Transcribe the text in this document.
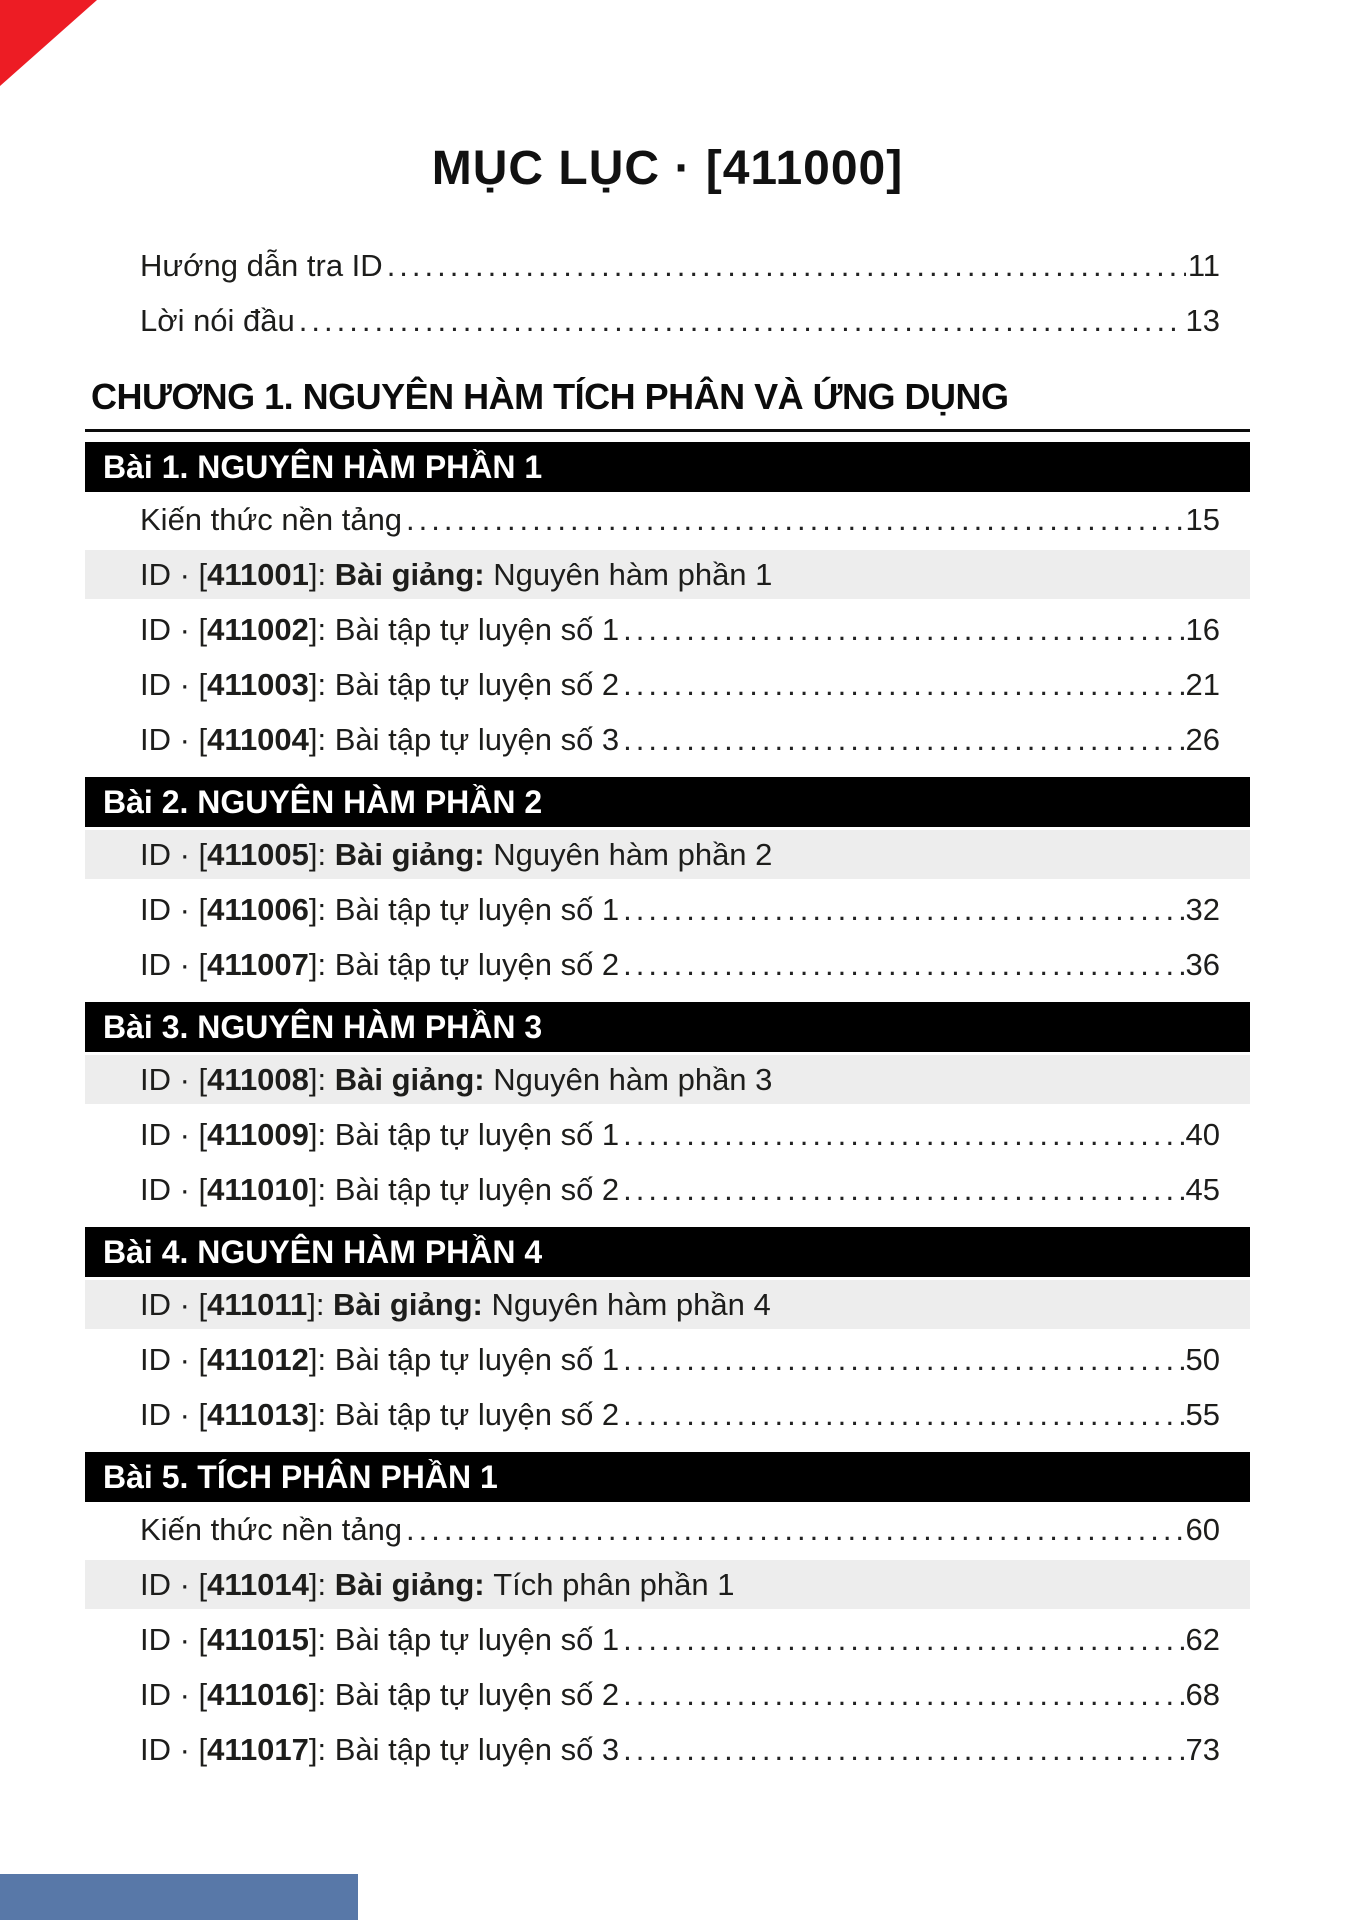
MỤC LỤC · [411000]
Hướng dẫn tra ID .....	11
Lời nói đầu .....	13
CHƯƠNG 1. NGUYÊN HÀM TÍCH PHÂN VÀ ỨNG DỤNG
Bài 1. NGUYÊN HÀM PHẦN 1
Kiến thức nền tảng .....	15
ID · [411001]: Bài giảng: Nguyên hàm phần 1
ID · [411002]: Bài tập tự luyện số 1 .....	16
ID · [411003]: Bài tập tự luyện số 2 .....	21
ID · [411004]: Bài tập tự luyện số 3 .....	26
Bài 2. NGUYÊN HÀM PHẦN 2
ID · [411005]: Bài giảng: Nguyên hàm phần 2
ID · [411006]: Bài tập tự luyện số 1 .....	32
ID · [411007]: Bài tập tự luyện số 2 .....	36
Bài 3. NGUYÊN HÀM PHẦN 3
ID · [411008]: Bài giảng: Nguyên hàm phần 3
ID · [411009]: Bài tập tự luyện số 1 .....	40
ID · [411010]: Bài tập tự luyện số 2 .....	45
Bài 4. NGUYÊN HÀM PHẦN 4
ID · [411011]: Bài giảng: Nguyên hàm phần 4
ID · [411012]: Bài tập tự luyện số 1 .....	50
ID · [411013]: Bài tập tự luyện số 2 .....	55
Bài 5. TÍCH PHÂN PHẦN 1
Kiến thức nền tảng .....	60
ID · [411014]: Bài giảng: Tích phân phần 1
ID · [411015]: Bài tập tự luyện số 1 .....	62
ID · [411016]: Bài tập tự luyện số 2 .....	68
ID · [411017]: Bài tập tự luyện số 3 .....	73
